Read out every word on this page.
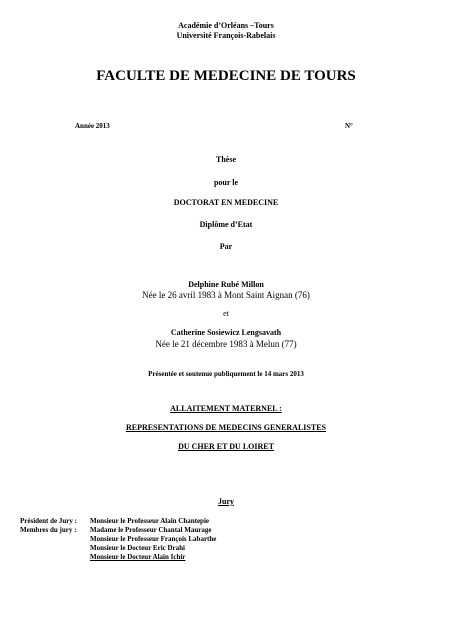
Académie d’Orléans –Tours
Université François-Rabelais
FACULTE DE MEDECINE DE TOURS
Année 2013	N°
Thèse
pour le
DOCTORAT EN MEDECINE
Diplôme d’Etat
Par
Delphine Rubé Millon
Née le 26 avril 1983 à Mont Saint Aignan (76)
et
Catherine Sosiewicz Lengsavath
Née le 21 décembre 1983 à Melun (77)
Présentée et soutenue publiquement le 14 mars 2013
ALLAITEMENT MATERNEL :
REPRESENTATIONS DE MEDECINS GENERALISTES
DU CHER ET DU LOIRET
Jury
Président de Jury :
Membres du jury :
Monsieur le Professeur Alain Chantepie
Madame le Professeur Chantal Maurage
Monsieur le Professeur François Labarthe
Monsieur le Docteur Eric Drahi
Monsieur le Docteur Alain Ichir
